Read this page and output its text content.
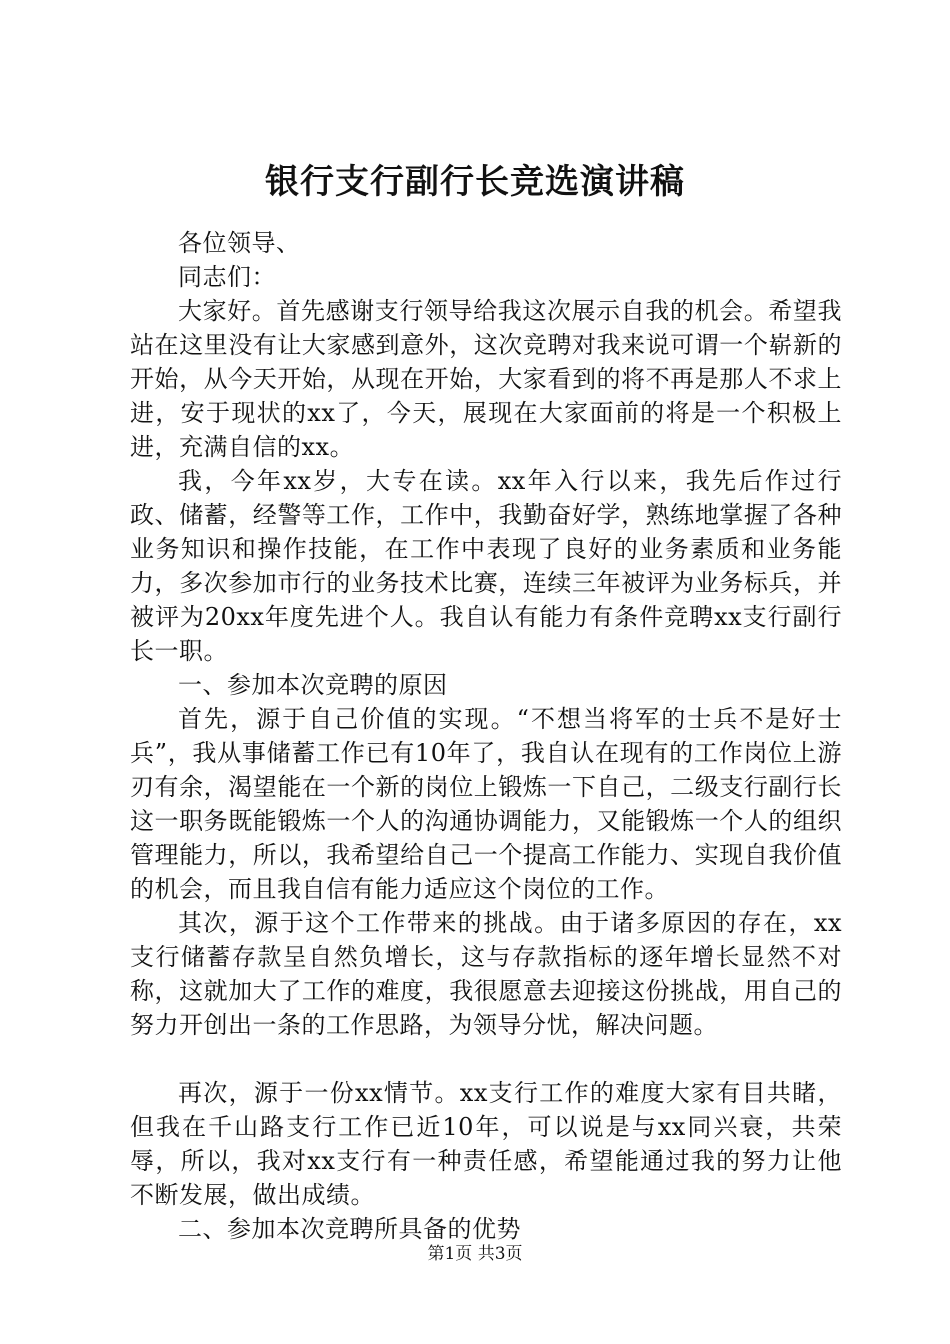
银行支行副行长竞选演讲稿

各位领导、

同志们：

大家好。首先感谢支行领导给我这次展示自我的机会。希望我站在这里没有让大家感到意外，这次竞聘对我来说可谓一个崭新的开始，从今天开始，从现在开始，大家看到的将不再是那人不求上进，安于现状的xx了，今天，展现在大家面前的将是一个积极上进，充满自信的xx。

我，今年xx岁，大专在读。xx年入行以来，我先后作过行政、储蓄，经警等工作，工作中，我勤奋好学，熟练地掌握了各种业务知识和操作技能，在工作中表现了良好的业务素质和业务能力，多次参加市行的业务技术比赛，连续三年被评为业务标兵，并被评为20xx年度先进个人。我自认有能力有条件竞聘xx支行副行长一职。

一、参加本次竞聘的原因

首先，源于自己价值的实现。“不想当将军的士兵不是好士兵”，我从事储蓄工作已有10年了，我自认在现有的工作岗位上游刃有余，渴望能在一个新的岗位上锻炼一下自己，二级支行副行长这一职务既能锻炼一个人的沟通协调能力，又能锻炼一个人的组织管理能力，所以，我希望给自己一个提高工作能力、实现自我价值的机会，而且我自信有能力适应这个岗位的工作。

其次，源于这个工作带来的挑战。由于诸多原因的存在，xx支行储蓄存款呈自然负增长，这与存款指标的逐年增长显然不对称，这就加大了工作的难度，我很愿意去迎接这份挑战，用自己的努力开创出一条的工作思路，为领导分忧，解决问题。

再次，源于一份xx情节。xx支行工作的难度大家有目共睹，但我在千山路支行工作已近10年，可以说是与xx同兴衰，共荣辱，所以，我对xx支行有一种责任感，希望能通过我的努力让他不断发展，做出成绩。

二、参加本次竞聘所具备的优势

第1页 共3页
